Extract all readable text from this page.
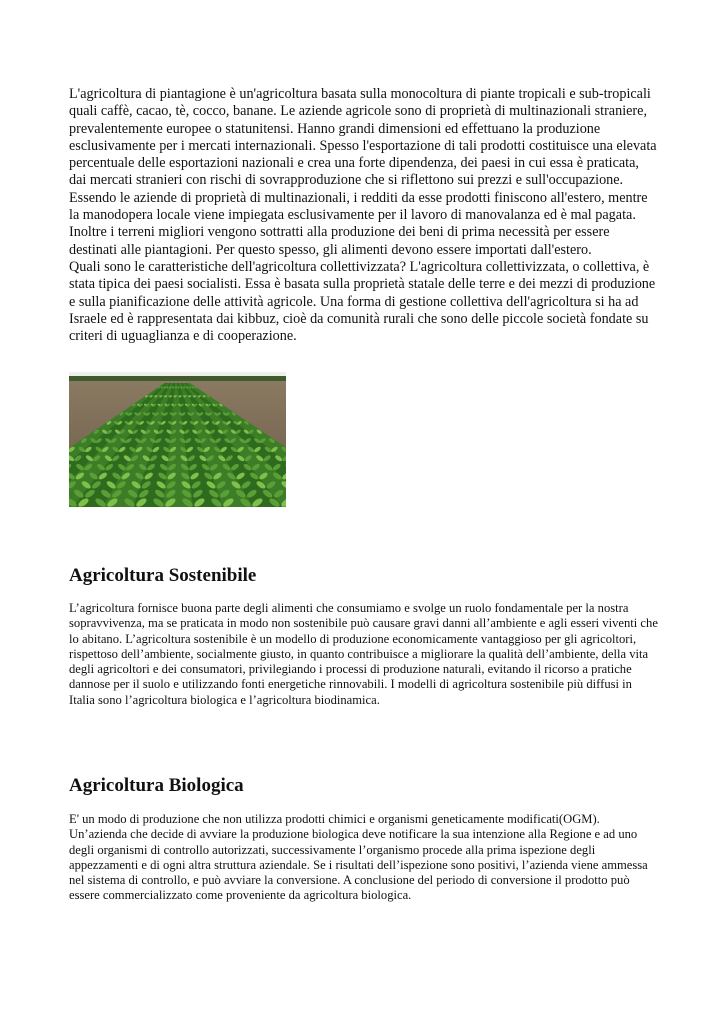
L'agricoltura di piantagione è un'agricoltura basata sulla monocoltura di piante tropicali e sub-tropicali quali caffè, cacao, tè, cocco, banane. Le aziende agricole sono di proprietà di multinazionali straniere, prevalentemente europee o statunitensi. Hanno grandi dimensioni ed effettuano la produzione esclusivamente per i mercati internazionali. Spesso l'esportazione di tali prodotti costituisce una elevata percentuale delle esportazioni nazionali e crea una forte dipendenza, dei paesi in cui essa è praticata, dai mercati stranieri con rischi di sovrapproduzione che si riflettono sui prezzi e sull'occupazione. Essendo le aziende di proprietà di multinazionali, i redditi da esse prodotti finiscono all'estero, mentre la manodopera locale viene impiegata esclusivamente per il lavoro di manovalanza ed è mal pagata. Inoltre i terreni migliori vengono sottratti alla produzione dei beni di prima necessità per essere destinati alle piantagioni. Per questo spesso, gli alimenti devono essere importati dall'estero.

Quali sono le caratteristiche dell'agricoltura collettivizzata? L'agricoltura collettivizzata, o collettiva, è stata tipica dei paesi socialisti. Essa è basata sulla proprietà statale delle terre e dei mezzi di produzione e sulla pianificazione delle attività agricole. Una forma di gestione collettiva dell'agricoltura si ha ad Israele ed è rappresentata dai kibbuz, cioè da comunità rurali che sono delle piccole società fondate su criteri di uguaglianza e di cooperazione.

Agricoltura Sostenibile

L’agricoltura fornisce buona parte degli alimenti che consumiamo e svolge un ruolo fondamentale per la nostra sopravvivenza, ma se praticata in modo non sostenibile può causare gravi danni all’ambiente e agli esseri viventi che lo abitano. L’agricoltura sostenibile è un modello di produzione economicamente vantaggioso per gli agricoltori, rispettoso dell’ambiente, socialmente giusto, in quanto contribuisce a migliorare la qualità dell’ambiente, della vita degli agricoltori e dei consumatori, privilegiando i processi di produzione naturali, evitando il ricorso a pratiche dannose per il suolo e utilizzando fonti energetiche rinnovabili. I modelli di agricoltura sostenibile più diffusi in Italia sono l’agricoltura biologica e l’agricoltura biodinamica.

Agricoltura Biologica

E' un modo di produzione che non utilizza prodotti chimici e organismi geneticamente modificati(OGM). Un’azienda che decide di avviare la produzione biologica deve notificare la sua intenzione alla Regione e ad uno degli organismi di controllo autorizzati, successivamente l’organismo procede alla prima ispezione degli appezzamenti e di ogni altra struttura aziendale. Se i risultati dell’ispezione sono positivi, l’azienda viene ammessa nel sistema di controllo, e può avviare la conversione. A conclusione del periodo di conversione il prodotto può essere commercializzato come proveniente da agricoltura biologica.
